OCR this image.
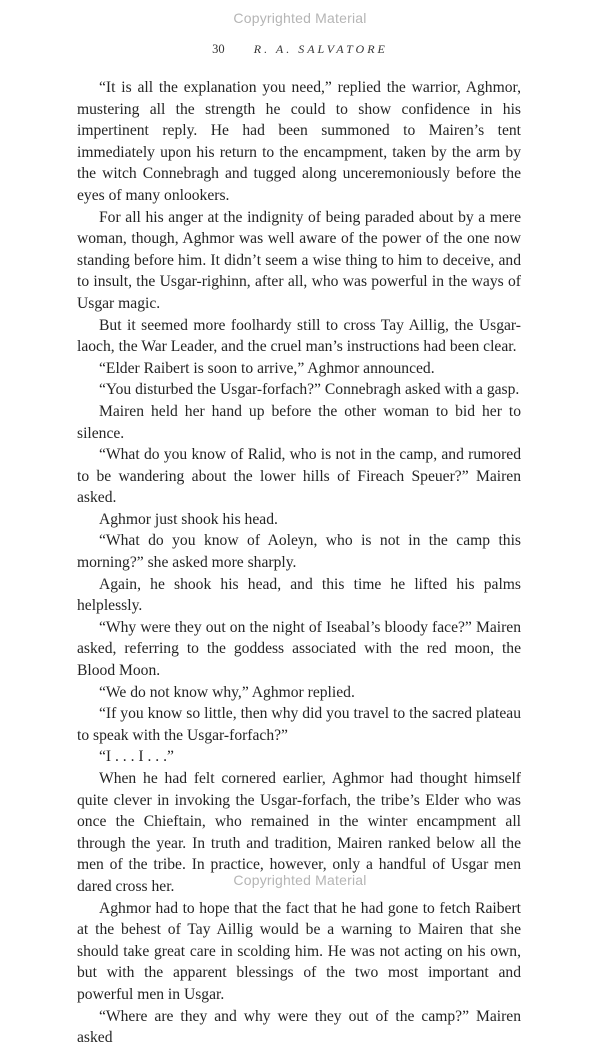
Copyrighted Material
30 R. A. SALVATORE

“It is all the explanation you need,” replied the warrior, Aghmor, mustering all the strength he could to show confidence in his impertinent reply. He had been summoned to Mairen’s tent immediately upon his return to the encampment, taken by the arm by the witch Connebragh and tugged along unceremoniously before the eyes of many onlookers.

For all his anger at the indignity of being paraded about by a mere woman, though, Aghmor was well aware of the power of the one now standing before him. It didn’t seem a wise thing to him to deceive, and to insult, the Usgar-righinn, after all, who was powerful in the ways of Usgar magic.

But it seemed more foolhardy still to cross Tay Aillig, the Usgar-laoch, the War Leader, and the cruel man’s instructions had been clear.

“Elder Raibert is soon to arrive,” Aghmor announced.

“You disturbed the Usgar-forfach?” Connebragh asked with a gasp.

Mairen held her hand up before the other woman to bid her to silence.

“What do you know of Ralid, who is not in the camp, and rumored to be wandering about the lower hills of Fireach Speuer?” Mairen asked.

Aghmor just shook his head.

“What do you know of Aoleyn, who is not in the camp this morning?” she asked more sharply.

Again, he shook his head, and this time he lifted his palms helplessly.

“Why were they out on the night of Iseabal’s bloody face?” Mairen asked, referring to the goddess associated with the red moon, the Blood Moon.

“We do not know why,” Aghmor replied.

“If you know so little, then why did you travel to the sacred plateau to speak with the Usgar-forfach?”

“I . . . I . . .”

When he had felt cornered earlier, Aghmor had thought himself quite clever in invoking the Usgar-forfach, the tribe’s Elder who was once the Chieftain, who remained in the winter encampment all through the year. In truth and tradition, Mairen ranked below all the men of the tribe. In practice, however, only a handful of Usgar men dared cross her.

Aghmor had to hope that the fact that he had gone to fetch Raibert at the behest of Tay Aillig would be a warning to Mairen that she should take great care in scolding him. He was not acting on his own, but with the apparent blessings of the two most important and powerful men in Usgar.

“Where are they and why were they out of the camp?” Mairen asked

Copyrighted Material
